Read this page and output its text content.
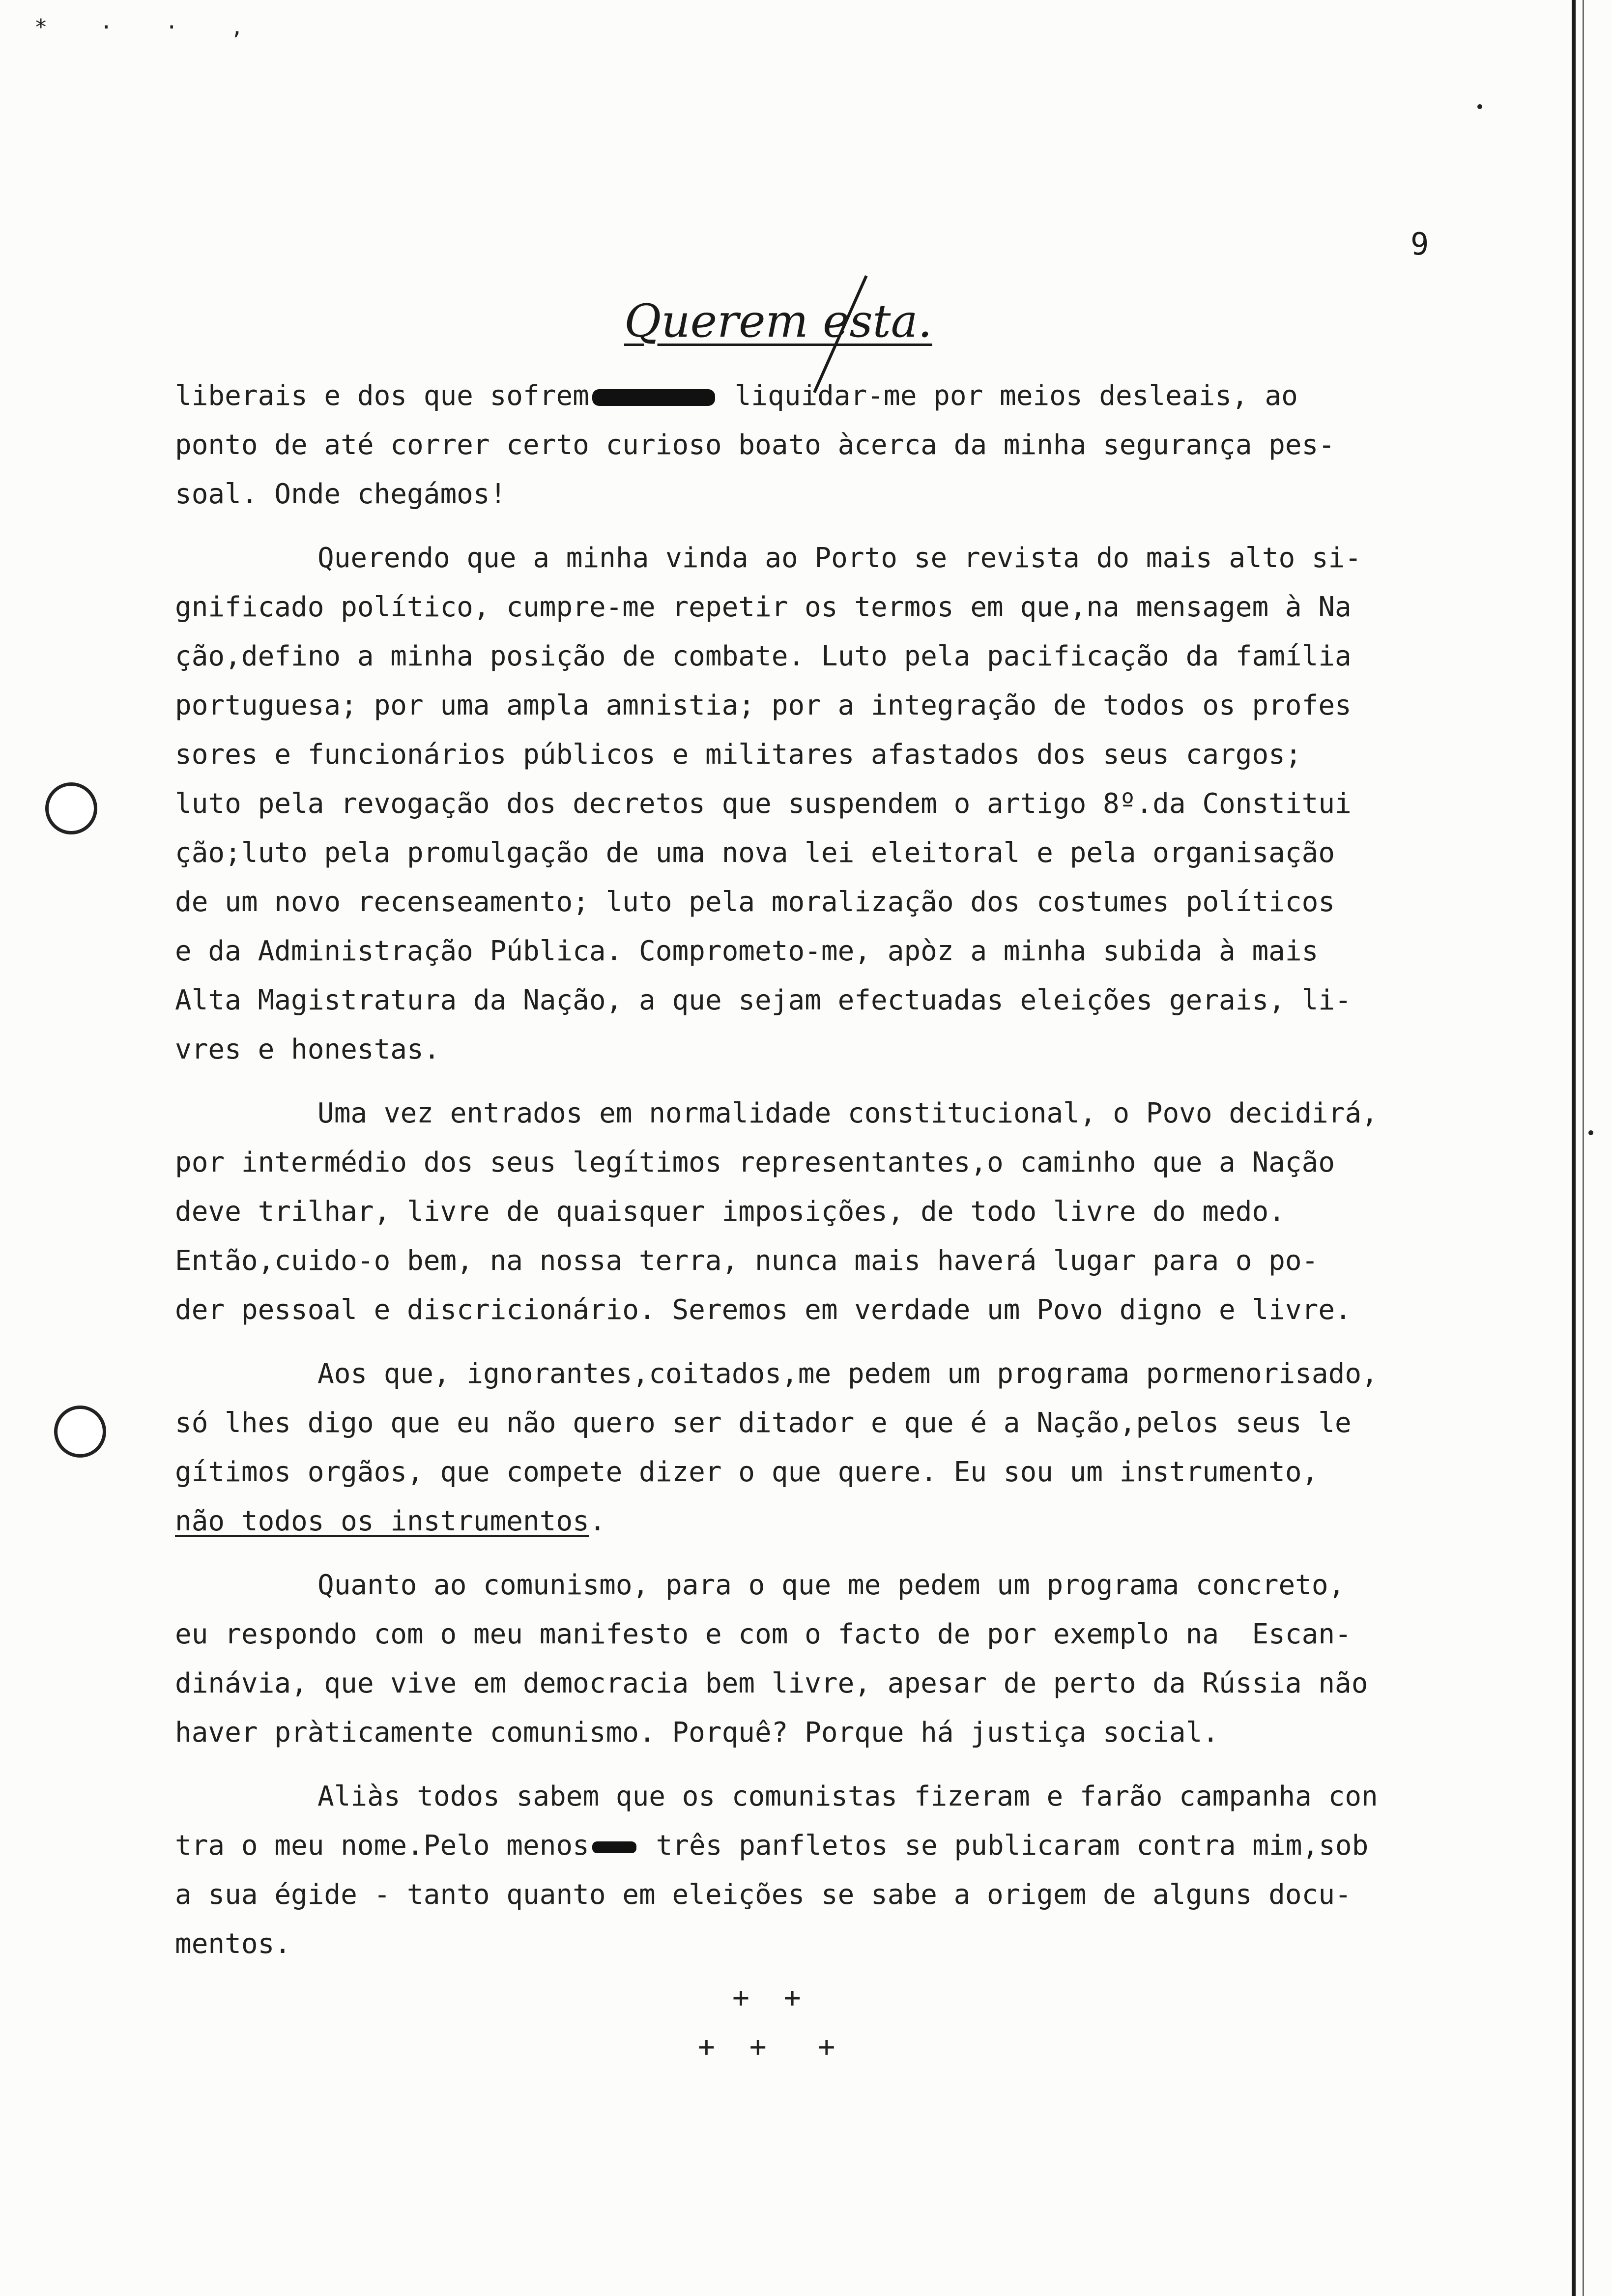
* · · ,
9
Querem esta.

liberais e dos que sofrem	liquidar-me por meios desleais, ao
ponto de até correr certo curioso boato àcerca da minha segurança pes-
soal. Onde chegámos!

Querendo que a minha vinda ao Porto se revista do mais alto si-
gnificado político, cumpre-me repetir os termos em que,na mensagem à Na
ção,defino a minha posição de combate. Luto pela pacificação da família
portuguesa; por uma ampla amnistia; por a integração de todos os profes
sores e funcionários públicos e militares afastados dos seus cargos;
luto pela revogação dos decretos que suspendem o artigo 8º.da Constitui
ção;luto pela promulgação de uma nova lei eleitoral e pela organisação
de um novo recenseamento; luto pela moralização dos costumes políticos
e da Administração Pública. Comprometo-me, apòz a minha subida à mais
Alta Magistratura da Nação, a que sejam efectuadas eleições gerais, li-
vres e honestas.

Uma vez entrados em normalidade constitucional, o Povo decidirá,
por intermédio dos seus legítimos representantes,o caminho que a Nação
deve trilhar, livre de quaisquer imposições, de todo livre do medo.
Então,cuido-o bem, na nossa terra, nunca mais haverá lugar para o po-
der pessoal e discricionário. Seremos em verdade um Povo digno e livre.

Aos que, ignorantes,coitados,me pedem um programa pormenorisado,
só lhes digo que eu não quero ser ditador e que é a Nação,pelos seus le
gítimos orgãos, que compete dizer o que quere. Eu sou um instrumento,
não todos os instrumentos.

Quanto ao comunismo, para o que me pedem um programa concreto,
eu respondo com o meu manifesto e com o facto de por exemplo na  Escan-
dinávia, que vive em democracia bem livre, apesar de perto da Rússia não
haver pràticamente comunismo. Porquê? Porque há justiça social.

Aliàs todos sabem que os comunistas fizeram e farão campanha con
tra o meu nome.Pelo menos três panfletos se publicaram contra mim,sob
a sua égide - tanto quanto em eleições se sabe a origem de alguns docu-
mentos.

+  +
+  +   +
